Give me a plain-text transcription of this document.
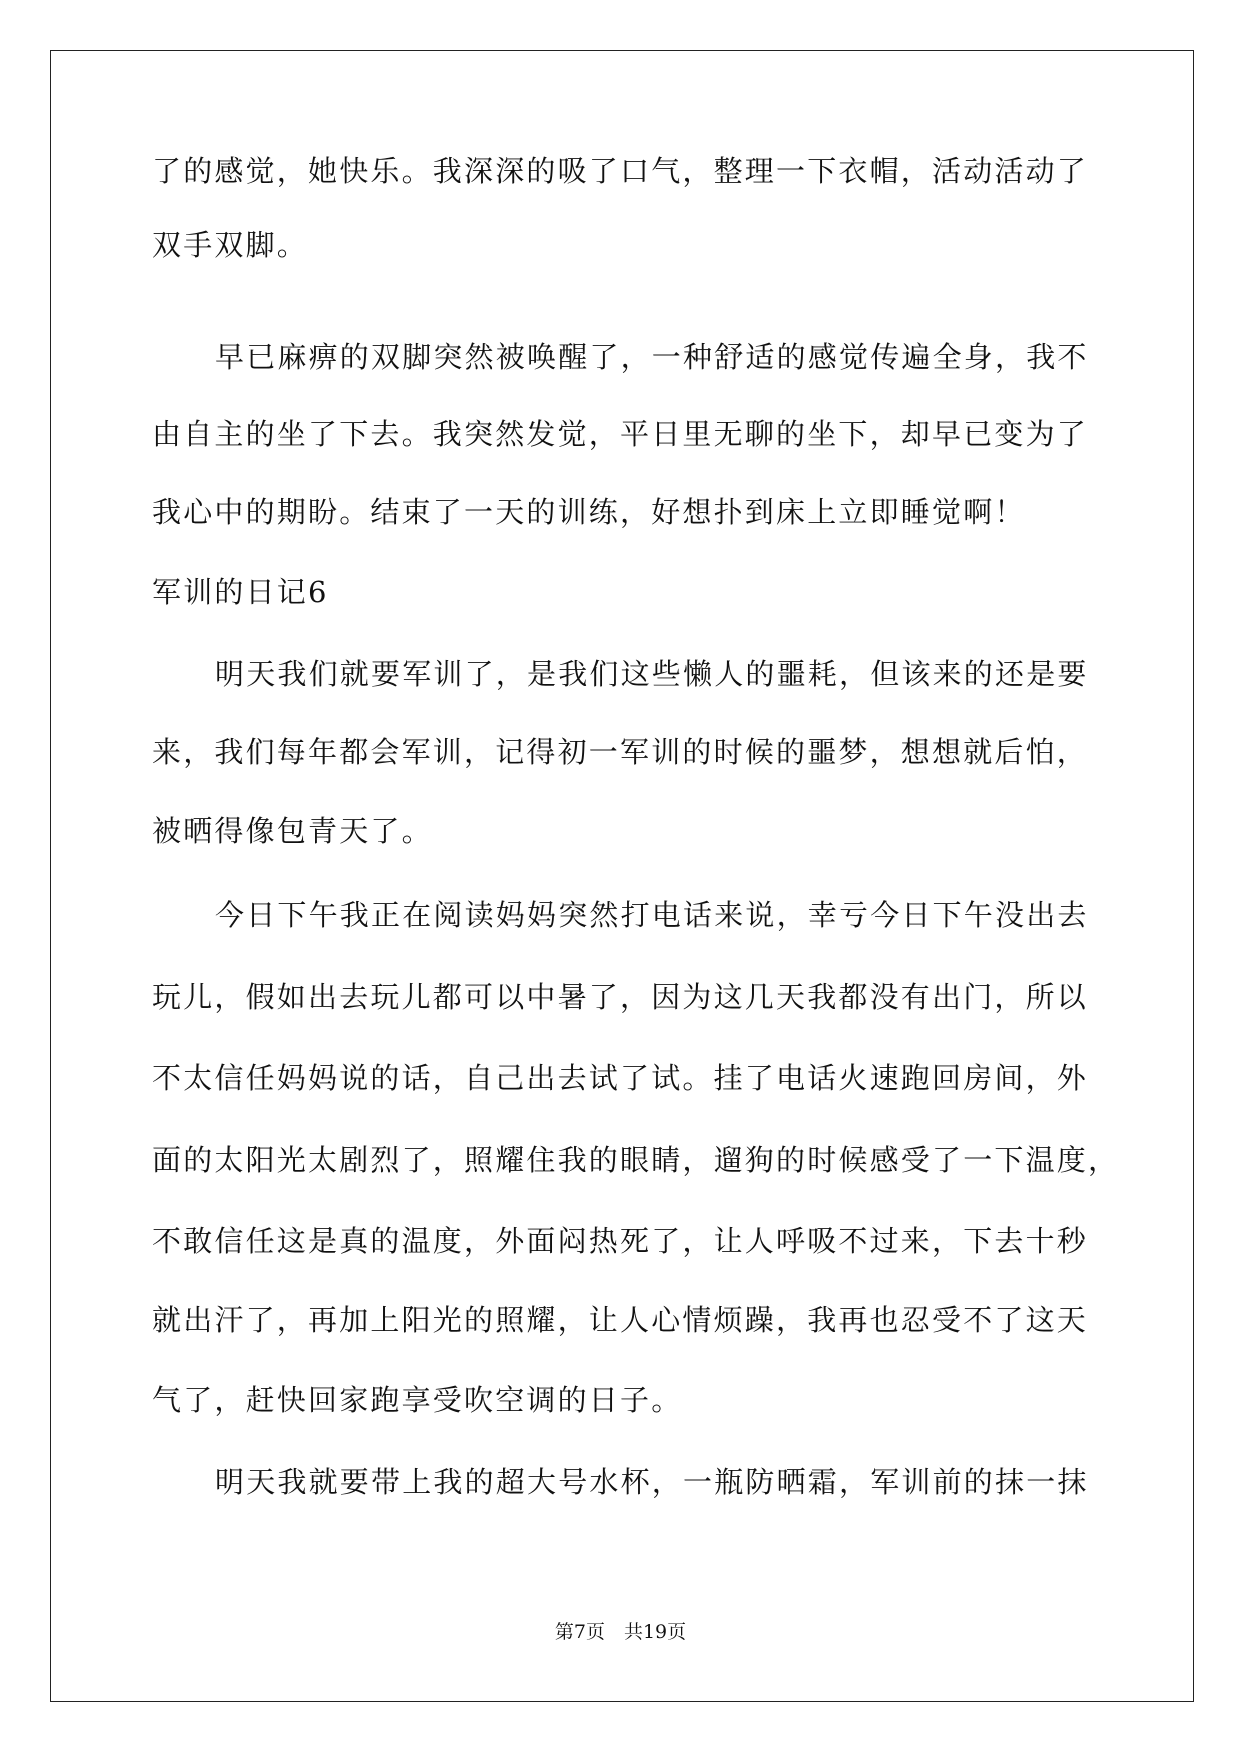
了的感觉，她快乐。我深深的吸了口气，整理一下衣帽，活动活动了
双手双脚。
早已麻痹的双脚突然被唤醒了，一种舒适的感觉传遍全身，我不
由自主的坐了下去。我突然发觉，平日里无聊的坐下，却早已变为了
我心中的期盼。结束了一天的训练，好想扑到床上立即睡觉啊！
军训的日记6
明天我们就要军训了，是我们这些懒人的噩耗，但该来的还是要
来，我们每年都会军训，记得初一军训的时候的噩梦，想想就后怕，
被晒得像包青天了。
今日下午我正在阅读妈妈突然打电话来说，幸亏今日下午没出去
玩儿，假如出去玩儿都可以中暑了，因为这几天我都没有出门，所以
不太信任妈妈说的话，自己出去试了试。挂了电话火速跑回房间，外
面的太阳光太剧烈了，照耀住我的眼睛，遛狗的时候感受了一下温度，
不敢信任这是真的温度，外面闷热死了，让人呼吸不过来，下去十秒
就出汗了，再加上阳光的照耀，让人心情烦躁，我再也忍受不了这天
气了，赶快回家跑享受吹空调的日子。
明天我就要带上我的超大号水杯，一瓶防晒霜，军训前的抹一抹
第7页　共19页
